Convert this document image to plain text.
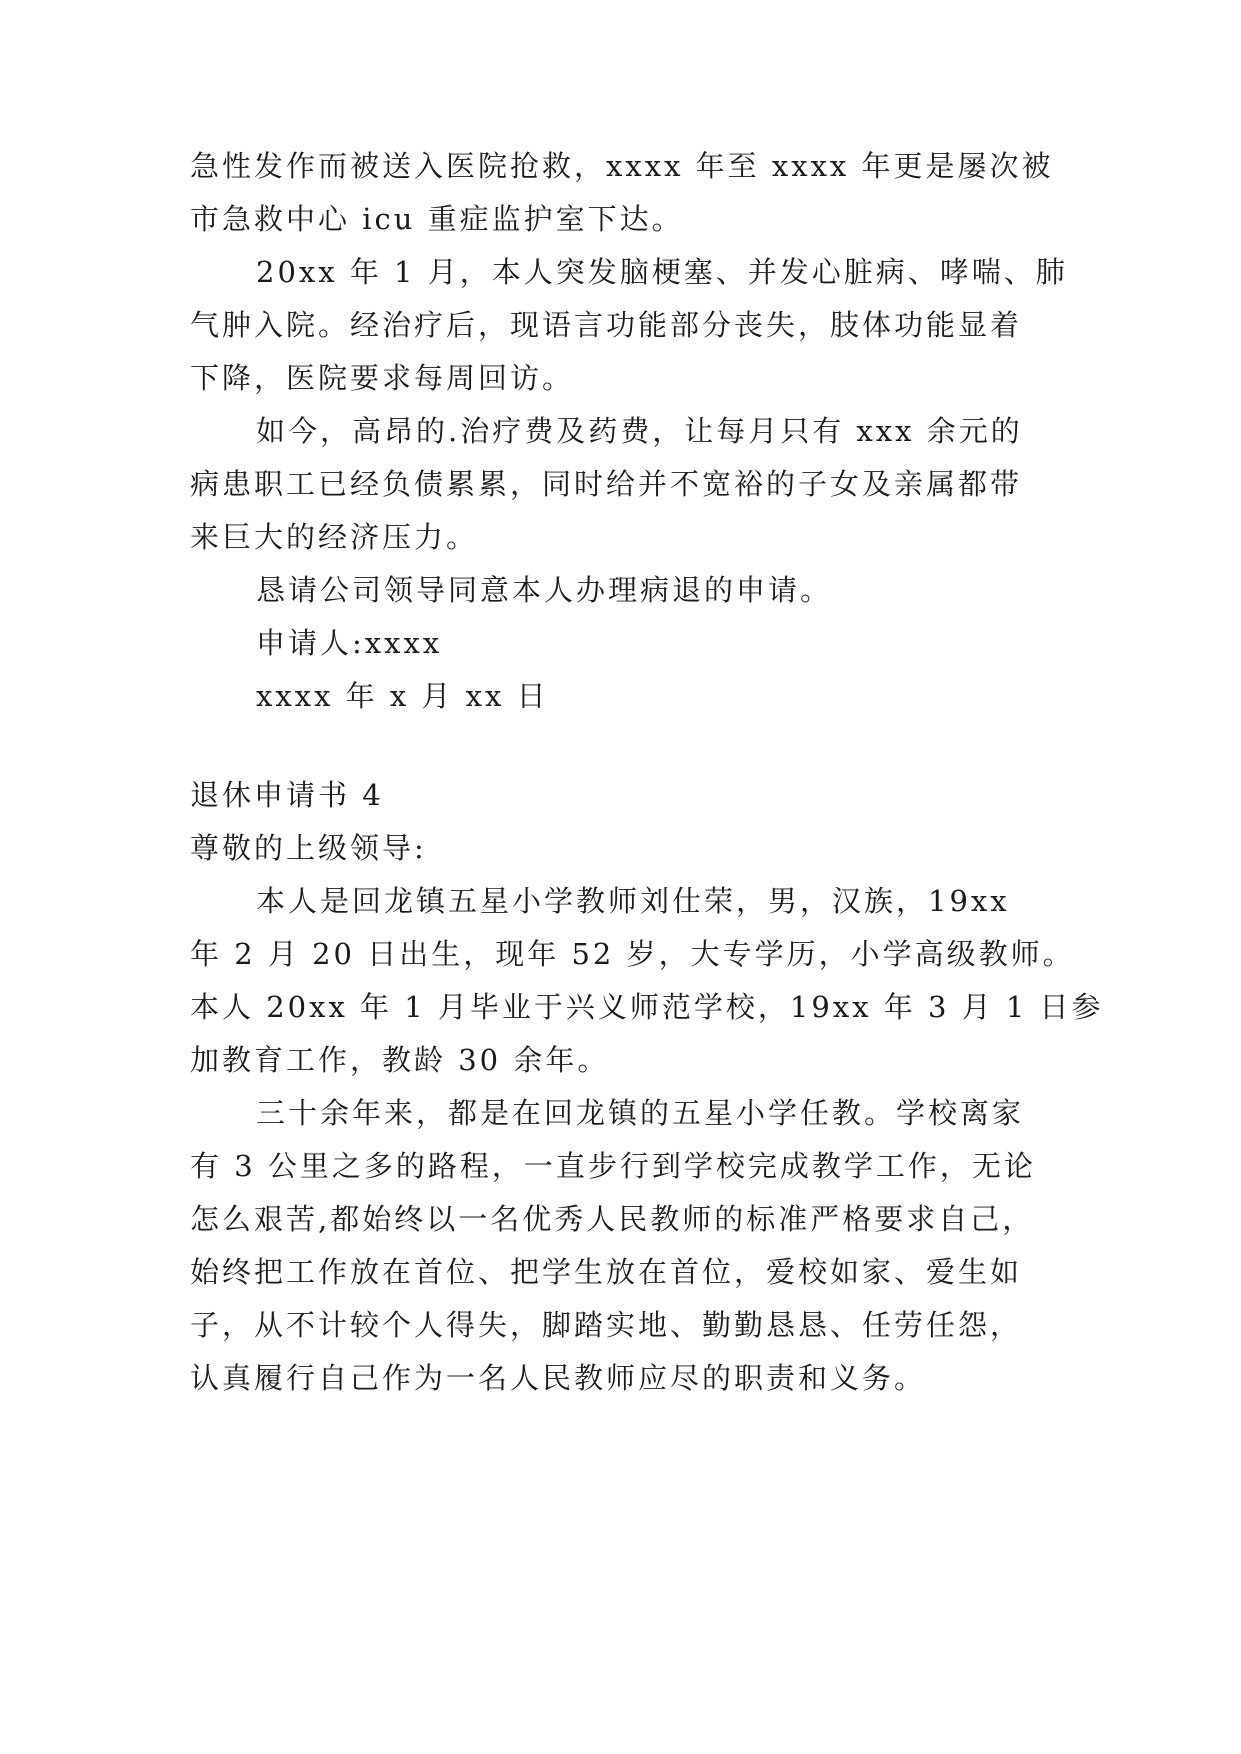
急性发作而被送入医院抢救，xxxx 年至 xxxx 年更是屡次被
市急救中心 icu 重症监护室下达。
20xx 年 1 月，本人突发脑梗塞、并发心脏病、哮喘、肺
气肿入院。经治疗后，现语言功能部分丧失，肢体功能显着
下降，医院要求每周回访。
如今，高昂的.治疗费及药费，让每月只有 xxx 余元的
病患职工已经负债累累，同时给并不宽裕的子女及亲属都带
来巨大的经济压力。
恳请公司领导同意本人办理病退的申请。
申请人:xxxx
xxxx 年 x 月 xx 日
退休申请书 4
尊敬的上级领导:
本人是回龙镇五星小学教师刘仕荣，男，汉族，19xx
年 2 月 20 日出生，现年 52 岁，大专学历，小学高级教师。
本人 20xx 年 1 月毕业于兴义师范学校，19xx 年 3 月 1 日参
加教育工作，教龄 30 余年。
三十余年来，都是在回龙镇的五星小学任教。学校离家
有 3 公里之多的路程，一直步行到学校完成教学工作，无论
怎么艰苦,都始终以一名优秀人民教师的标准严格要求自己，
始终把工作放在首位、把学生放在首位，爱校如家、爱生如
子，从不计较个人得失，脚踏实地、勤勤恳恳、任劳任怨，
认真履行自己作为一名人民教师应尽的职责和义务。
